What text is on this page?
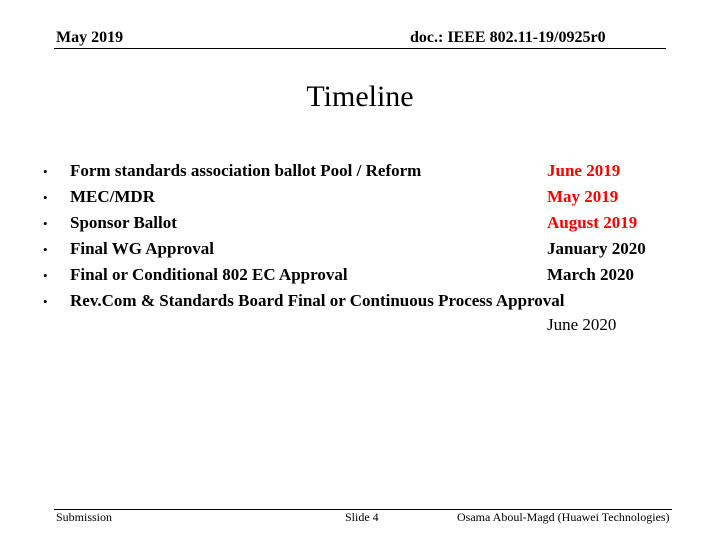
May 2019	doc.: IEEE 802.11-19/0925r0
Timeline
• Form standards association ballot Pool / Reform	June 2019
• MEC/MDR	May 2019
• Sponsor Ballot	August 2019
• Final WG Approval	January 2020
• Final or Conditional 802 EC Approval	March 2020
• Rev.Com & Standards Board Final or Continuous Process Approval
June 2020
Submission	Slide 4	Osama Aboul-Magd (Huawei Technologies)
